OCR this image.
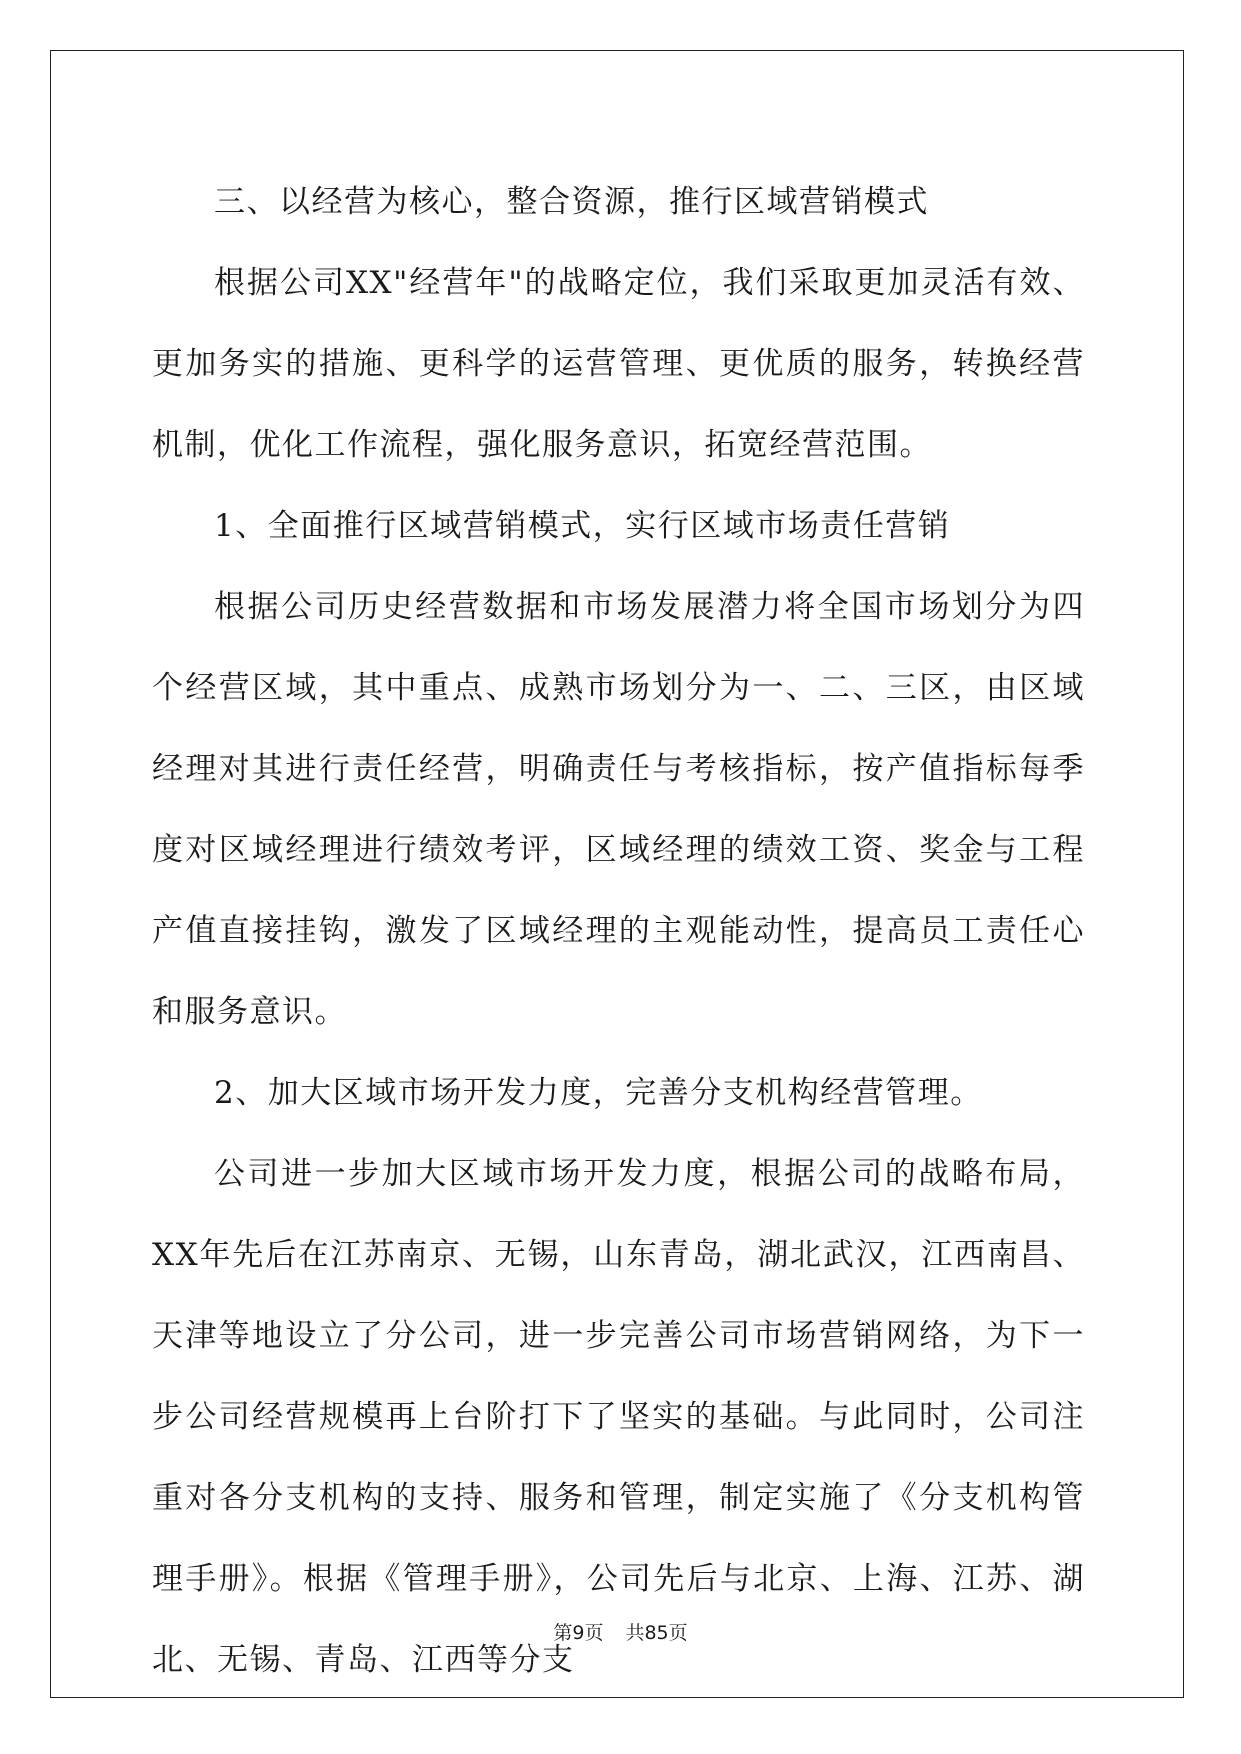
三、以经营为核心，整合资源，推行区域营销模式

根据公司XX"经营年"的战略定位，我们采取更加灵活有效、更加务实的措施、更科学的运营管理、更优质的服务，转换经营机制，优化工作流程，强化服务意识，拓宽经营范围。

1、全面推行区域营销模式，实行区域市场责任营销

根据公司历史经营数据和市场发展潜力将全国市场划分为四个经营区域，其中重点、成熟市场划分为一、二、三区，由区域经理对其进行责任经营，明确责任与考核指标，按产值指标每季度对区域经理进行绩效考评，区域经理的绩效工资、奖金与工程产值直接挂钩，激发了区域经理的主观能动性，提高员工责任心和服务意识。

2、加大区域市场开发力度，完善分支机构经营管理。

公司进一步加大区域市场开发力度，根据公司的战略布局，XX年先后在江苏南京、无锡，山东青岛，湖北武汉，江西南昌、天津等地设立了分公司，进一步完善公司市场营销网络，为下一步公司经营规模再上台阶打下了坚实的基础。与此同时，公司注重对各分支机构的支持、服务和管理，制定实施了《分支机构管理手册》。根据《管理手册》，公司先后与北京、上海、江苏、湖北、无锡、青岛、江西等分支

第9页 共85页
